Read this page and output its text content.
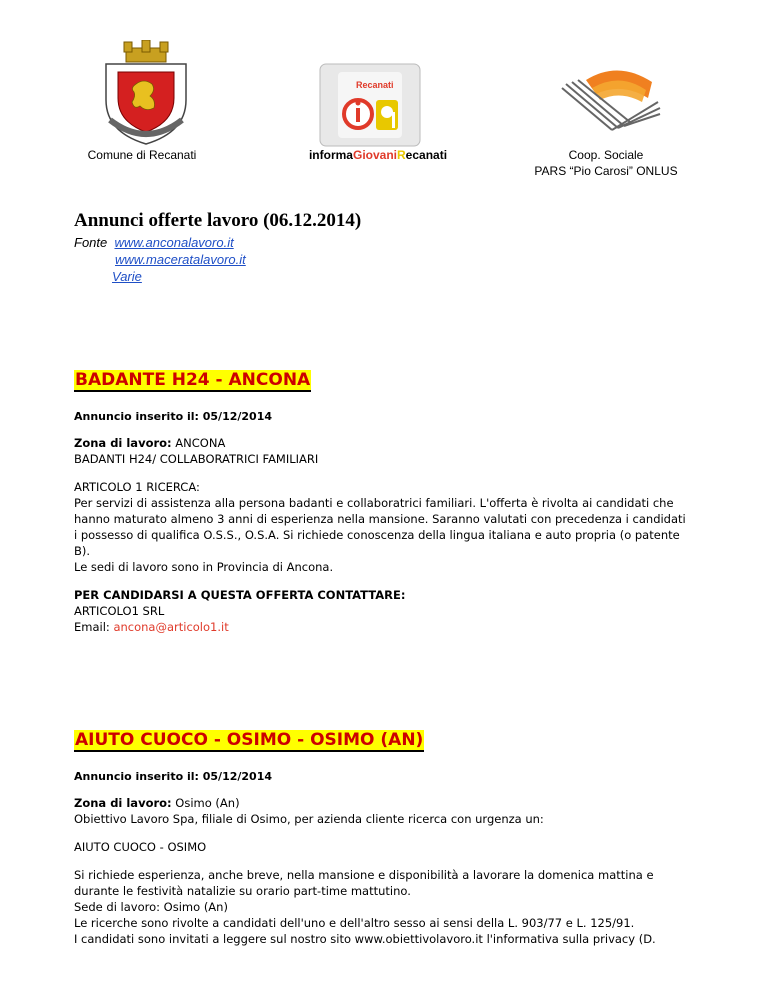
Recanati
Comune di Recanati	informaGiovaniRecanati	Coop. Sociale
PARS “Pio Carosi” ONLUS
Annunci offerte lavoro (06.12.2014)
Fonte www.anconalavoro.it
www.maceratalavoro.it
Varie
BADANTE H24 - ANCONA
Annuncio inserito il: 05/12/2014
Zona di lavoro: ANCONA
BADANTI H24/ COLLABORATRICI FAMILIARI
ARTICOLO 1 RICERCA:
Per servizi di assistenza alla persona badanti e collaboratrici familiari. L'offerta è rivolta ai candidati che
hanno maturato almeno 3 anni di esperienza nella mansione. Saranno valutati con precedenza i candidati
i possesso di qualifica O.S.S., O.S.A. Si richiede conoscenza della lingua italiana e auto propria (o patente
B).
Le sedi di lavoro sono in Provincia di Ancona.
PER CANDIDARSI A QUESTA OFFERTA CONTATTARE:
ARTICOLO1 SRL
Email: ancona@articolo1.it
AIUTO CUOCO - OSIMO - OSIMO (AN)
Annuncio inserito il: 05/12/2014
Zona di lavoro: Osimo (An)
Obiettivo Lavoro Spa, filiale di Osimo, per azienda cliente ricerca con urgenza un:
AIUTO CUOCO - OSIMO
Si richiede esperienza, anche breve, nella mansione e disponibilità a lavorare la domenica mattina e
durante le festività natalizie su orario part-time mattutino.
Sede di lavoro: Osimo (An)
Le ricerche sono rivolte a candidati dell'uno e dell'altro sesso ai sensi della L. 903/77 e L. 125/91.
I candidati sono invitati a leggere sul nostro sito www.obiettivolavoro.it l'informativa sulla privacy (D.
